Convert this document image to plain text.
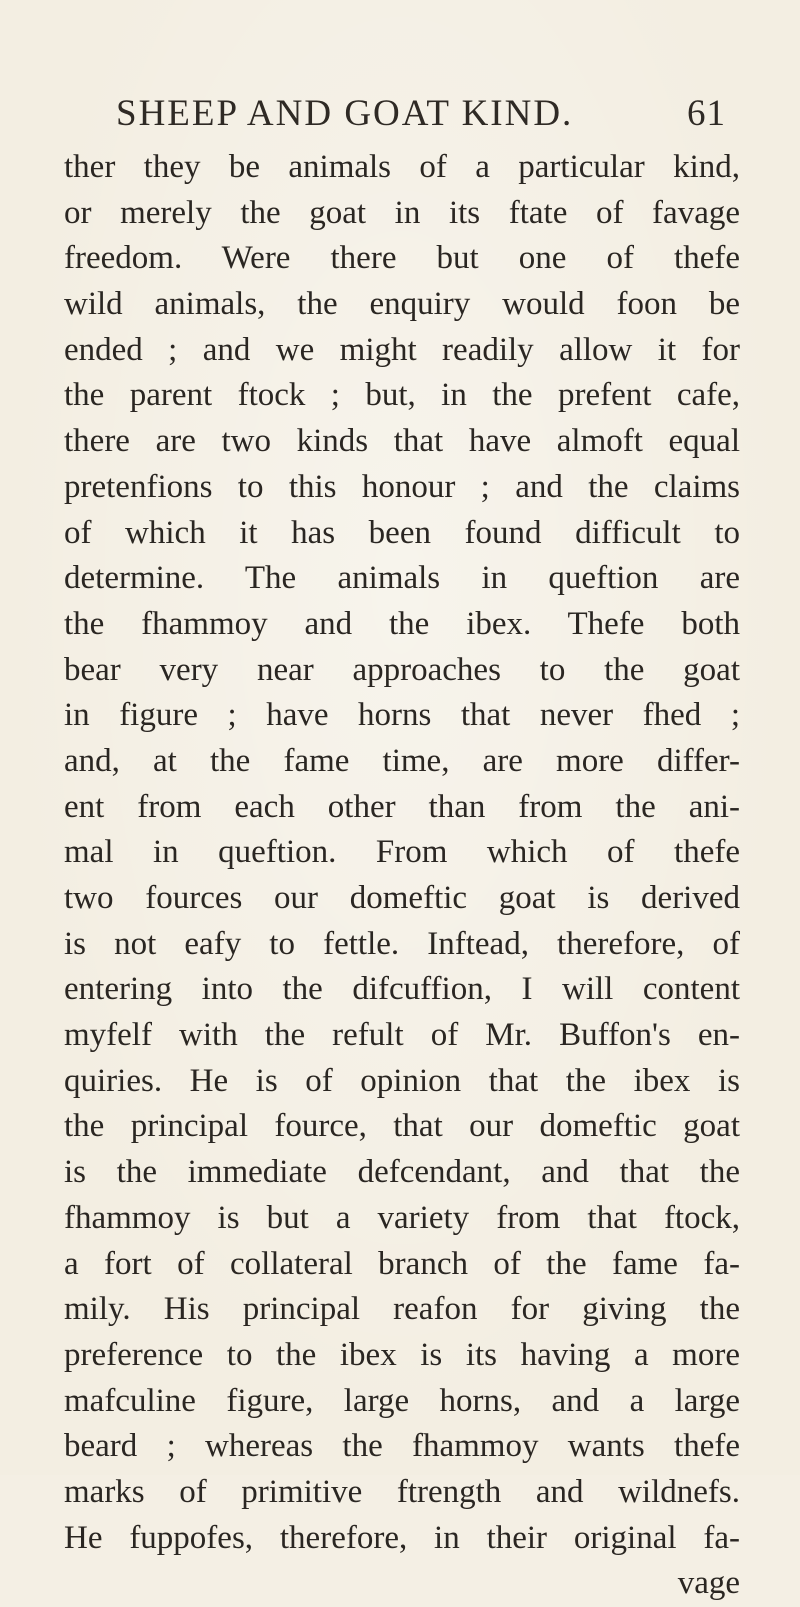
SHEEP AND GOAT KIND.	61
ther they be animals of a particular kind,
or merely the goat in its ftate of favage
freedom. Were there but one of thefe
wild animals, the enquiry would foon be
ended ; and we might readily allow it for
the parent ftock ; but, in the prefent cafe,
there are two kinds that have almoft equal
pretenfions to this honour ; and the claims
of which it has been found difficult to
determine. The animals in queftion are
the fhammoy and the ibex. Thefe both
bear very near approaches to the goat
in figure ; have horns that never fhed ;
and, at the fame time, are more differ-
ent from each other than from the ani-
mal in queftion. From which of thefe
two fources our domeftic goat is derived
is not eafy to fettle. Inftead, therefore, of
entering into the difcuffion, I will content
myfelf with the refult of Mr. Buffon's en-
quiries. He is of opinion that the ibex is
the principal fource, that our domeftic goat
is the immediate defcendant, and that the
fhammoy is but a variety from that ftock,
a fort of collateral branch of the fame fa-
mily. His principal reafon for giving the
preference to the ibex is its having a more
mafculine figure, large horns, and a large
beard ; whereas the fhammoy wants thefe
marks of primitive ftrength and wildnefs.
He fuppofes, therefore, in their original fa-
vage
